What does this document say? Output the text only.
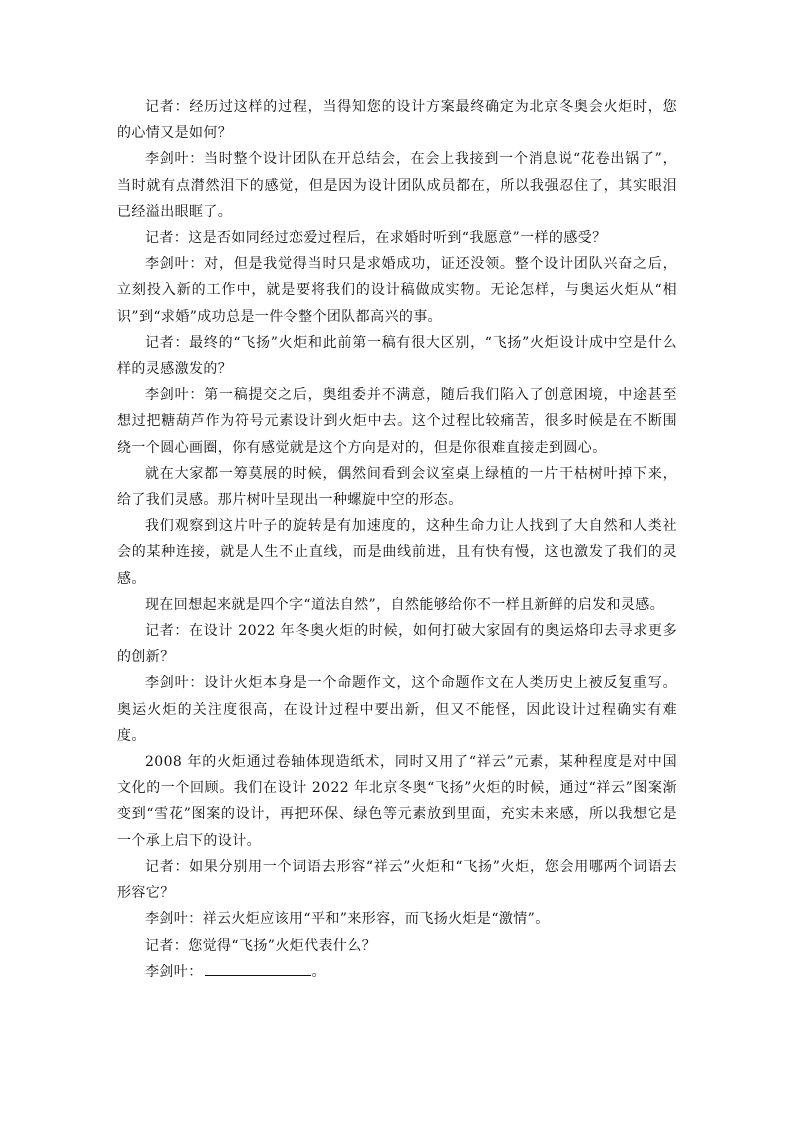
记者：经历过这样的过程，当得知您的设计方案最终确定为北京冬奥会火炬时，您的心情又是如何？

李剑叶：当时整个设计团队在开总结会，在会上我接到一个消息说“花卷出锅了”，当时就有点潸然泪下的感觉，但是因为设计团队成员都在，所以我强忍住了，其实眼泪已经溢出眼眶了。

记者：这是否如同经过恋爱过程后，在求婚时听到“我愿意”一样的感受？

李剑叶：对，但是我觉得当时只是求婚成功，证还没领。整个设计团队兴奋之后，立刻投入新的工作中，就是要将我们的设计稿做成实物。无论怎样，与奥运火炬从“相识”到“求婚”成功总是一件令整个团队都高兴的事。

记者：最终的“飞扬”火炬和此前第一稿有很大区别，“飞扬”火炬设计成中空是什么样的灵感激发的？

李剑叶：第一稿提交之后，奥组委并不满意，随后我们陷入了创意困境，中途甚至想过把糖葫芦作为符号元素设计到火炬中去。这个过程比较痛苦，很多时候是在不断围绕一个圆心画圈，你有感觉就是这个方向是对的，但是你很难直接走到圆心。

就在大家都一筹莫展的时候，偶然间看到会议室桌上绿植的一片干枯树叶掉下来，给了我们灵感。那片树叶呈现出一种螺旋中空的形态。

我们观察到这片叶子的旋转是有加速度的，这种生命力让人找到了大自然和人类社会的某种连接，就是人生不止直线，而是曲线前进，且有快有慢，这也激发了我们的灵感。

现在回想起来就是四个字“道法自然”，自然能够给你不一样且新鲜的启发和灵感。

记者：在设计 2022 年冬奥火炬的时候，如何打破大家固有的奥运烙印去寻求更多的创新？

李剑叶：设计火炬本身是一个命题作文，这个命题作文在人类历史上被反复重写。奥运火炬的关注度很高，在设计过程中要出新，但又不能怪，因此设计过程确实有难度。

2008 年的火炬通过卷轴体现造纸术，同时又用了“祥云”元素，某种程度是对中国文化的一个回顾。我们在设计 2022 年北京冬奥“飞扬”火炬的时候，通过“祥云”图案渐变到“雪花”图案的设计，再把环保、绿色等元素放到里面，充实未来感，所以我想它是一个承上启下的设计。

记者：如果分别用一个词语去形容“祥云”火炬和“飞扬”火炬，您会用哪两个词语去形容它？

李剑叶：祥云火炬应该用“平和”来形容，而飞扬火炬是“激情”。

记者：您觉得“飞扬”火炬代表什么？

李剑叶：	。
